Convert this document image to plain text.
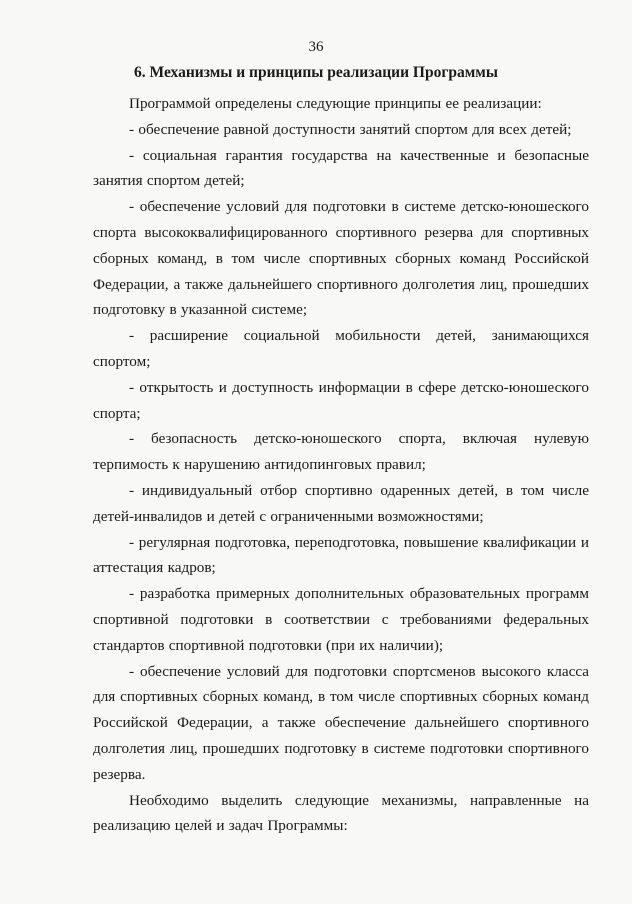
36
6. Механизмы и принципы реализации Программы

Программой определены следующие принципы ее реализации:

- обеспечение равной доступности занятий спортом для всех детей;

- социальная гарантия государства на качественные и безопасные занятия спортом детей;

- обеспечение условий для подготовки в системе детско-юношеского спорта высококвалифицированного спортивного резерва для спортивных сборных команд, в том числе спортивных сборных команд Российской Федерации, а также дальнейшего спортивного долголетия лиц, прошедших подготовку в указанной системе;

- расширение социальной мобильности детей, занимающихся спортом;

- открытость и доступность информации в сфере детско-юношеского спорта;

- безопасность детско-юношеского спорта, включая нулевую терпимость к нарушению антидопинговых правил;

- индивидуальный отбор спортивно одаренных детей, в том числе детей-инвалидов и детей с ограниченными возможностями;

- регулярная подготовка, переподготовка, повышение квалификации и аттестация кадров;

- разработка примерных дополнительных образовательных программ спортивной подготовки в соответствии с требованиями федеральных стандартов спортивной подготовки (при их наличии);

- обеспечение условий для подготовки спортсменов высокого класса для спортивных сборных команд, в том числе спортивных сборных команд Российской Федерации, а также обеспечение дальнейшего спортивного долголетия лиц, прошедших подготовку в системе подготовки спортивного резерва.

Необходимо выделить следующие механизмы, направленные на реализацию целей и задач Программы:
